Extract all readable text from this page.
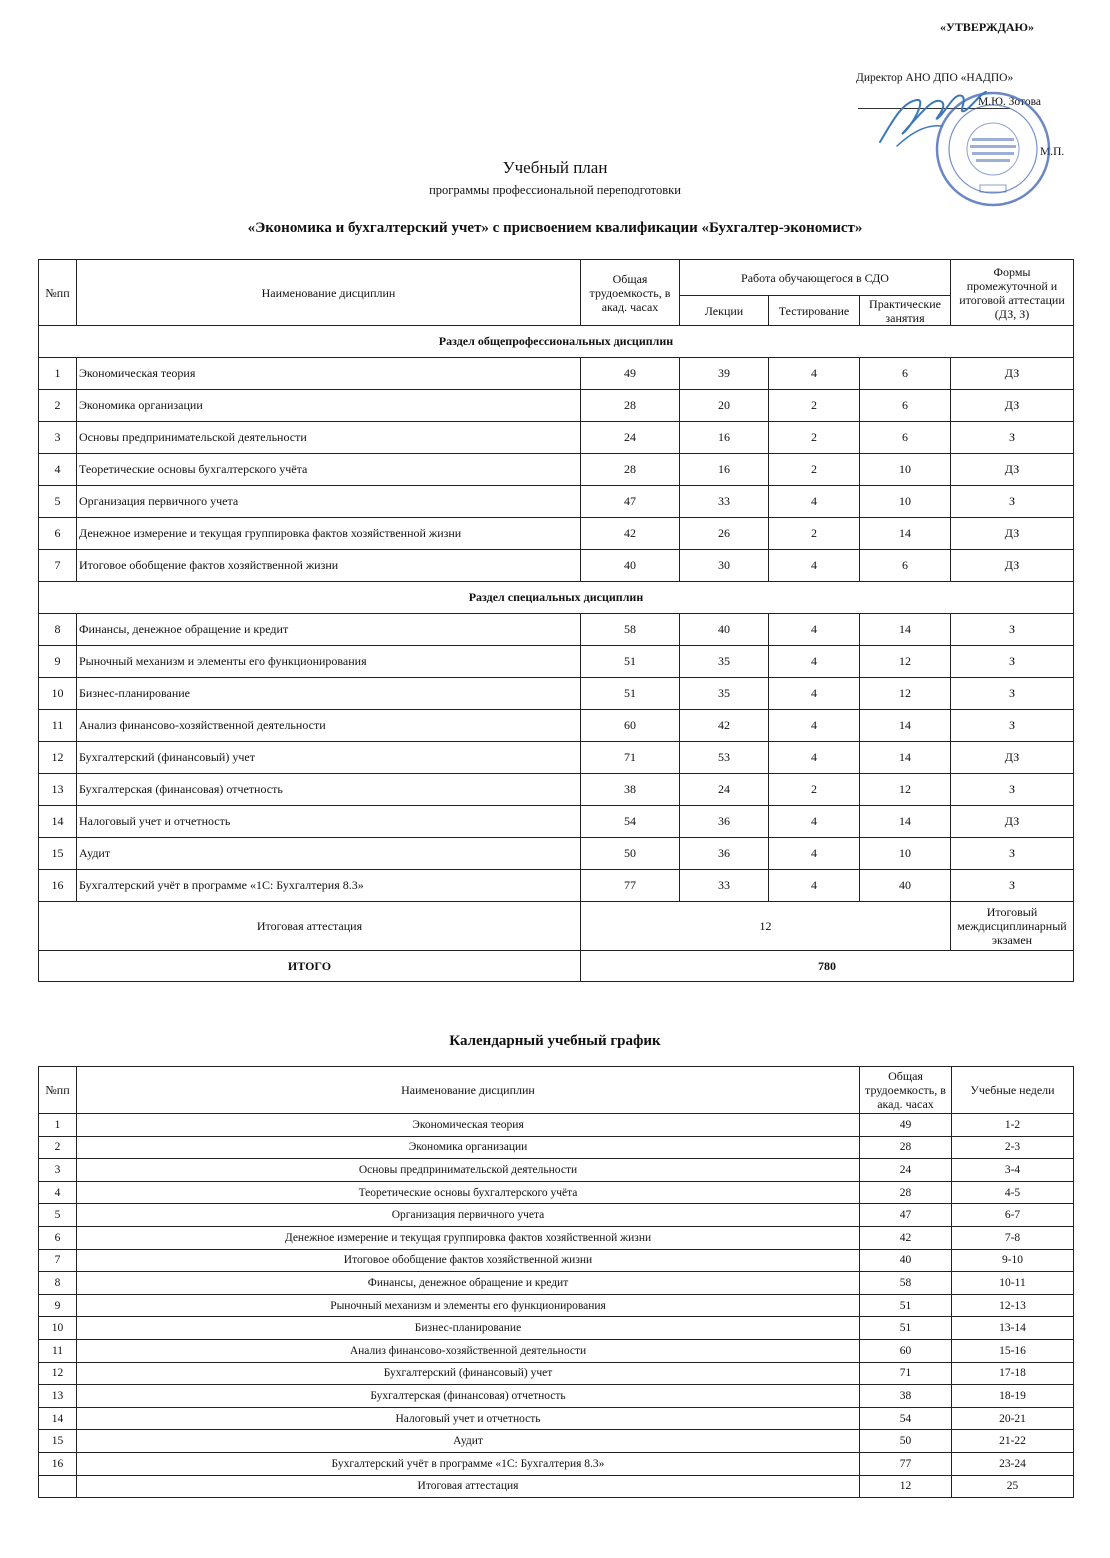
«УТВЕРЖДАЮ»
Директор АНО ДПО «НАДПО»
М.Ю. Зотова
М.П.
Учебный план
программы профессиональной переподготовки
«Экономика и бухгалтерский учет» с присвоением квалификации «Бухгалтер-экономист»
№пп	Наименование дисциплин	Общая трудоемкость, в акад. часах	Работа обучающегося в СДО			Формы промежуточной и итоговой аттестации (ДЗ, З)
			Лекции	Тестирование	Практические занятия	
Раздел общепрофессиональных дисциплин						
1	Экономическая теория	49	39	4	6	ДЗ
2	Экономика организации	28	20	2	6	ДЗ
3	Основы предпринимательской деятельности	24	16	2	6	З
4	Теоретические основы бухгалтерского учёта	28	16	2	10	ДЗ
5	Организация первичного учета	47	33	4	10	З
6	Денежное измерение и текущая группировка фактов хозяйственной жизни	42	26	2	14	ДЗ
7	Итоговое обобщение фактов хозяйственной жизни	40	30	4	6	ДЗ
Раздел специальных дисциплин						
8	Финансы, денежное обращение и кредит	58	40	4	14	З
9	Рыночный механизм и элементы его функционирования	51	35	4	12	З
10	Бизнес-планирование	51	35	4	12	З
11	Анализ финансово-хозяйственной деятельности	60	42	4	14	З
12	Бухгалтерский (финансовый) учет	71	53	4	14	ДЗ
13	Бухгалтерская (финансовая) отчетность	38	24	2	12	З
14	Налоговый учет и отчетность	54	36	4	14	ДЗ
15	Аудит	50	36	4	10	З
16	Бухгалтерский учёт в программе «1С: Бухгалтерия 8.3»	77	33	4	40	З
Итоговая аттестация		12				Итоговый междисциплинарный экзамен
ИТОГО		780				
Календарный учебный график
№пп	Наименование дисциплин	Общая трудоемкость, в акад. часах	Учебные недели
1	Экономическая теория	49	1-2
2	Экономика организации	28	2-3
3	Основы предпринимательской деятельности	24	3-4
4	Теоретические основы бухгалтерского учёта	28	4-5
5	Организация первичного учета	47	6-7
6	Денежное измерение и текущая группировка фактов хозяйственной жизни	42	7-8
7	Итоговое обобщение фактов хозяйственной жизни	40	9-10
8	Финансы, денежное обращение и кредит	58	10-11
9	Рыночный механизм и элементы его функционирования	51	12-13
10	Бизнес-планирование	51	13-14
11	Анализ финансово-хозяйственной деятельности	60	15-16
12	Бухгалтерский (финансовый) учет	71	17-18
13	Бухгалтерская (финансовая) отчетность	38	18-19
14	Налоговый учет и отчетность	54	20-21
15	Аудит	50	21-22
16	Бухгалтерский учёт в программе «1С: Бухгалтерия 8.3»	77	23-24
	Итоговая аттестация	12	25
